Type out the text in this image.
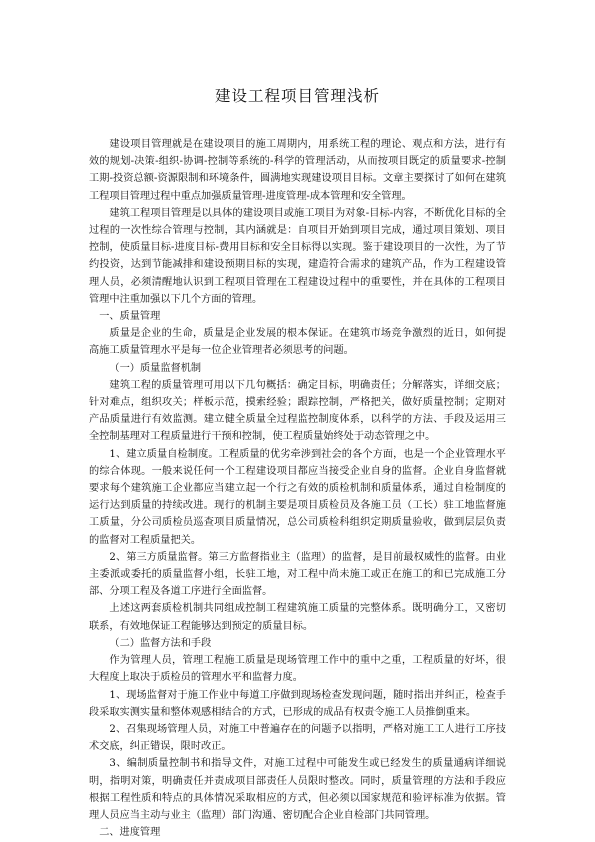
建设工程项目管理浅析

建设项目管理就是在建设项目的施工周期内，用系统工程的理论、观点和方法，进行有效的规划-决策-组织-协调-控制等系统的-科学的管理活动，从而按项目既定的质量要求-控制工期-投资总额-资源限制和环境条件，圆满地实现建设项目目标。文章主要探讨了如何在建筑工程项目管理过程中重点加强质量管理-进度管理-成本管理和安全管理。

建筑工程项目管理是以具体的建设项目或施工项目为对象-目标-内容，不断优化目标的全过程的一次性综合管理与控制，其内涵就是：自项目开始到项目完成，通过项目策划、项目控制，使质量目标-进度目标-费用目标和安全目标得以实现。鉴于建设项目的一次性，为了节约投资，达到节能减排和建设预期目标的实现，建造符合需求的建筑产品，作为工程建设管理人员，必须清醒地认识到工程项目管理在工程建设过程中的重要性，并在具体的工程项目管理中注重加强以下几个方面的管理。

一、质量管理

质量是企业的生命，质量是企业发展的根本保证。在建筑市场竞争激烈的近日，如何提高施工质量管理水平是每一位企业管理者必须思考的问题。

（一）质量监督机制

建筑工程的质量管理可用以下几句概括：确定目标，明确责任；分解落实，详细交底；针对难点，组织攻关；样板示范，摸索经验；跟踪控制，严格把关，做好质量控制；定期对产品质量进行有效监测。建立健全质量全过程监控制度体系，以科学的方法、手段及运用三全控制基理对工程质量进行干预和控制，使工程质量始终处于动态管理之中。

1、建立质量自检制度。工程质量的优劣牵涉到社会的各个方面，也是一个企业管理水平的综合体现。一般来说任何一个工程建设项目都应当接受企业自身的监督。企业自身监督就要求每个建筑施工企业都应当建立起一个行之有效的质检机制和质量体系，通过自检制度的运行达到质量的持续改进。现行的机制主要是项目质检员及各施工员（工长）驻工地监督施工质量，分公司质检员巡查项目质量情况，总公司质检科组织定期质量验收，做到层层负责的监督对工程质量把关。

2、第三方质量监督。第三方监督指业主（监理）的监督，是目前最权威性的监督。由业主委派或委托的质量监督小组，长驻工地，对工程中尚未施工或正在施工的和已完成施工分部、分项工程及各道工序进行全面监督。

上述这两套质检机制共同组成控制工程建筑施工质量的完整体系。既明确分工，又密切联系，有效地保证工程能够达到预定的质量目标。

（二）监督方法和手段

作为管理人员，管理工程施工质量是现场管理工作中的重中之重，工程质量的好坏，很大程度上取决于质检员的管理水平和监督力度。

1、现场监督对于施工作业中每道工序做到现场检查发现问题，随时指出并纠正，检查手段采取实测实量和整体观感相结合的方式，已形成的成品有权责令施工人员推倒重来。

2、召集现场管理人员，对施工中普遍存在的问题予以指明，严格对施工工人进行工序技术交底，纠正错误，限时改正。

3、编制质量控制书和指导文件，对施工过程中可能发生或已经发生的质量通病详细说明，指明对策，明确责任并责成项目部责任人员限时整改。同时，质量管理的方法和手段应根据工程性质和特点的具体情况采取相应的方式，但必须以国家规范和验评标准为依据。管理人员应当主动与业主（监理）部门沟通、密切配合企业自检部门共同管理。

二、进度管理
